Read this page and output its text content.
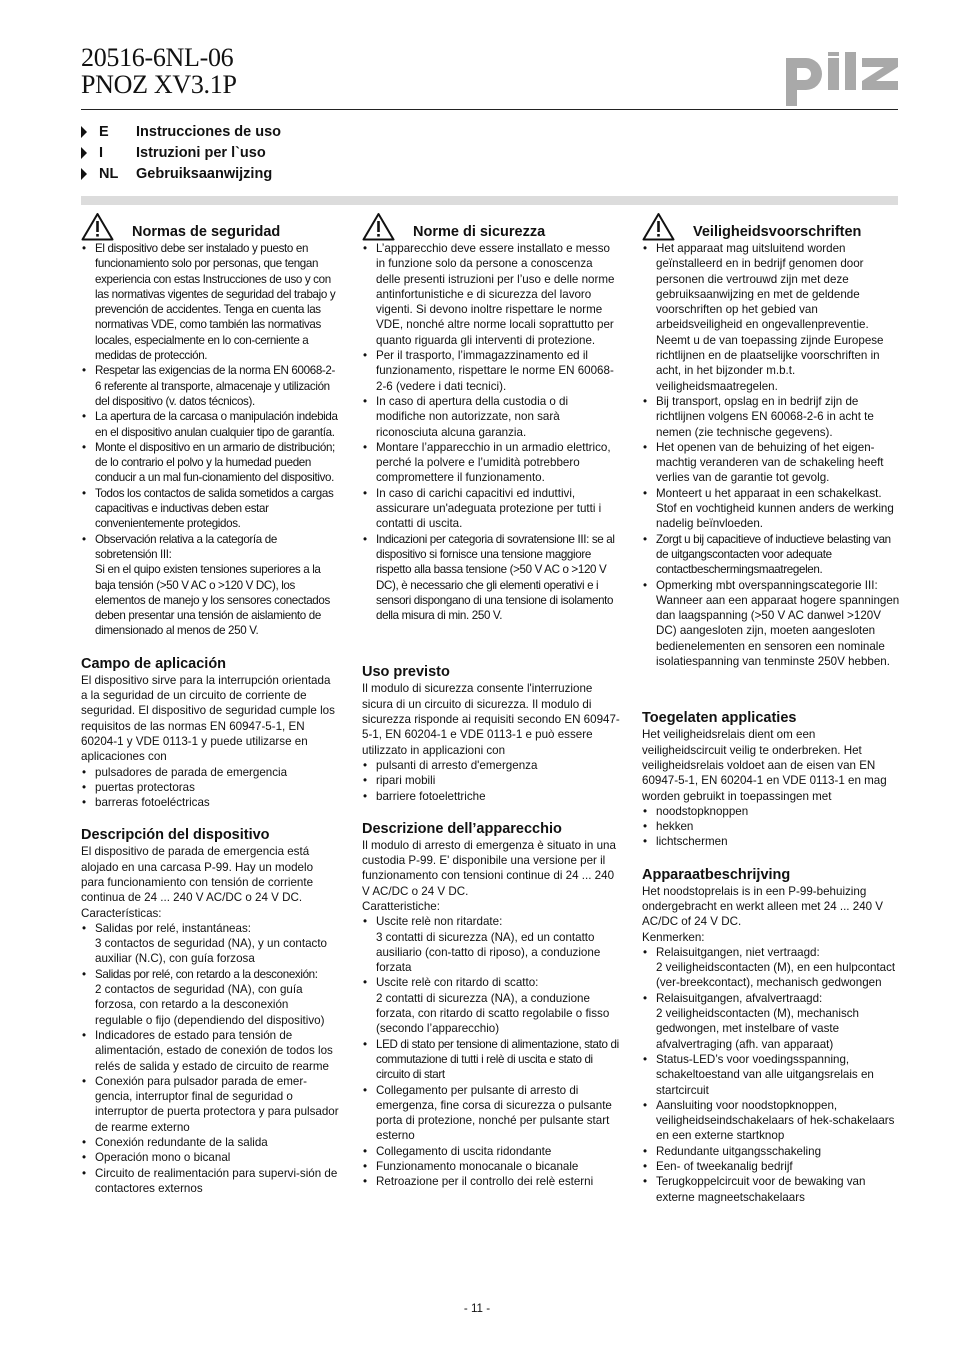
20516-6NL-06
PNOZ XV3.1P
E	Instrucciones de uso
I	Istruzioni per l`uso
NL	Gebruiksaanwijzing
Normas de seguridad
• El dispositivo debe ser instalado y puesto en funcionamiento solo por personas, que tengan experiencia con estas Instrucciones de uso y con las normativas vigentes de seguridad del trabajo y prevención de accidentes. Tenga en cuenta las normativas VDE, como también las normativas locales, especialmente en lo con-cerniente a medidas de protección.
• Respetar las exigencias de la norma EN 60068-2-6 referente al transporte, almacenaje y utilización del dispositivo (v. datos técnicos).
• La apertura de la carcasa o manipulación indebida en el dispositivo anulan cualquier tipo de garantía.
• Monte el dispositivo en un armario de distribución; de lo contrario el polvo y la humedad pueden conducir a un mal fun-cionamiento del dispositivo.
• Todos los contactos de salida sometidos a cargas capacitivas e inductivas deben estar convenientemente protegidos.
• Observación relativa a la categoría de sobretensión III:
Si en el quipo existen tensiones superiores a la baja tensión (>50 V AC o >120 V DC), los elementos de manejo y los sensores conectados deben presentar una tensión de aislamiento de dimensionado al menos de 250 V.
Campo de aplicación

El dispositivo sirve para la interrupción orientada a la seguridad de un circuito de corriente de seguridad. El dispositivo de seguridad cumple los requisitos de las normas EN 60947-5-1, EN 60204-1 y VDE 0113-1 y puede utilizarse en aplicaciones con

• pulsadores de parada de emergencia
• puertas protectoras
• barreras fotoeléctricas
Descripción del dispositivo

El dispositivo de parada de emergencia está alojado en una carcasa P-99. Hay un modelo para funcionamiento con tensión de corriente continua de 24 ... 240 V AC/DC o 24 V DC.

Características:

• Salidas por relé, instantáneas:
3 contactos de seguridad (NA), y un contacto auxiliar (N.C), con guía forzosa
• Salidas por relé, con retardo a la desconexión:
2 contactos de seguridad (NA), con guía forzosa, con retardo a la desconexión regulable o fijo (dependiendo del dispositivo)
• Indicadores de estado para tensión de alimentación, estado de conexión de todos los relés de salida y estado de circuito de rearme
• Conexión para pulsador parada de emer-gencia, interruptor final de seguridad o interruptor de puerta protectora y para pulsador de rearme externo
• Conexión redundante de la salida
• Operación mono o bicanal
• Circuito de realimentación para supervi-sión de contactores externos
Norme di sicurezza
• L’apparecchio deve essere installato e messo in funzione solo da persone a conoscenza delle presenti istruzioni per l’uso e delle norme antinfortunistiche e di sicurezza del lavoro vigenti. Si devono inoltre rispettare le norme VDE, nonché altre norme locali soprattutto per quanto riguarda gli interventi di protezione.
• Per il trasporto, l’immagazzinamento ed il funzionamento, rispettare le norme EN 60068-2-6 (vedere i dati tecnici).
• In caso di apertura della custodia o di modifiche non autorizzate, non sarà riconosciuta alcuna garanzia.
• Montare l’apparecchio in un armadio elettrico, perché la polvere e l’umidità potrebbero compromettere il funzionamento.
• In caso di carichi capacitivi ed induttivi, assicurare un'adeguata protezione per tutti i contatti di uscita.
• Indicazioni per categoria di sovratensione III: se al dispositivo si fornisce una tensione maggiore rispetto alla bassa tensione (>50 V AC o >120 V DC), è necessario che gli elementi operativi e i sensori dispongano di una tensione di isolamento della misura di min. 250 V.
Uso previsto

Il modulo di sicurezza consente l'interruzione sicura di un circuito di sicurezza. Il modulo di sicurezza risponde ai requisiti secondo EN 60947-5-1, EN 60204-1 e VDE 0113-1 e può essere utilizzato in applicazioni con

• pulsanti di arresto d'emergenza
• ripari mobili
• barriere fotoelettriche
Descrizione dell’apparecchio

Il modulo di arresto di emergenza è situato in una custodia P-99. E' disponibile una versione per il funzionamento con tensioni continue di 24 ... 240 V AC/DC o 24 V DC.

Caratteristiche:

• Uscite relè non ritardate:
3 contatti di sicurezza (NA), ed un contatto ausiliario (con-tatto di riposo), a conduzione forzata
• Uscite relè con ritardo di scatto:
2 contatti di sicurezza (NA), a conduzione forzata, con ritardo di scatto regolabile o fisso (secondo l’apparecchio)
• LED di stato per tensione di alimentazione, stato di commutazione di tutti i relè di uscita e stato di circuito di start
• Collegamento per pulsante di arresto di emergenza, fine corsa di sicurezza o pulsante porta di protezione, nonché per pulsante start esterno
• Collegamento di uscita ridondante
• Funzionamento monocanale o bicanale
• Retroazione per il controllo dei relè esterni
Veiligheidsvoorschriften
• Het apparaat mag uitsluitend worden geïnstalleerd en in bedrijf genomen door personen die vertrouwd zijn met deze gebruiksaanwijzing en met de geldende voorschriften op het gebied van arbeidsveiligheid en ongevallenpreventie. Neemt u de van toepassing zijnde Europese richtlijnen en de plaatselijke voorschriften in acht, in het bijzonder m.b.t. veiligheidsmaatregelen.
• Bij transport, opslag en in bedrijf zijn de richtlijnen volgens EN 60068-2-6 in acht te nemen (zie technische gegevens).
• Het openen van de behuizing of het eigen-machtig veranderen van de schakeling heeft verlies van de garantie tot gevolg.
• Monteert u het apparaat in een schakelkast. Stof en vochtigheid kunnen anders de werking nadelig beïnvloeden.
• Zorgt u bij capacitieve of inductieve belasting van de uitgangscontacten voor adequate contactbeschermingsmaatregelen.
• Opmerking mbt overspanningscategorie III: Wanneer aan een apparaat hogere spanningen dan laagspanning (>50 V AC danwel >120V DC) aangesloten zijn, moeten aangesloten bedienelementen en sensoren een nominale isolatiespanning van tenminste 250V hebben.
Toegelaten applicaties

Het veiligheidsrelais dient om een veiligheidscircuit veilig te onderbreken. Het veiligheidsrelais voldoet aan de eisen van EN 60947-5-1, EN 60204-1 en VDE 0113-1 en mag worden gebruikt in toepassingen met

• noodstopknoppen
• hekken
• lichtschermen
Apparaatbeschrijving

Het noodstoprelais is in een P-99-behuizing ondergebracht en werkt alleen met 24 ... 240 V AC/DC of 24 V DC.

Kenmerken:

• Relaisuitgangen, niet vertraagd:
2 veiligheidscontacten (M), en een hulpcontact (ver-breekcontact), mechanisch gedwongen
• Relaisuitgangen, afvalvertraagd:
2 veiligheidscontacten (M), mechanisch gedwongen, met instelbare of vaste afvalvertraging (afh. van apparaat)
• Status-LED’s voor voedingsspanning, schakeltoestand van alle uitgangsrelais en startcircuit
• Aansluiting voor noodstopknoppen, veiligheidseindschakelaars of hek-schakelaars en een externe startknop
• Redundante uitgangsschakeling
• Een- of tweekanalig bedrijf
• Terugkoppelcircuit voor de bewaking van externe magneetschakelaars
- 11 -
